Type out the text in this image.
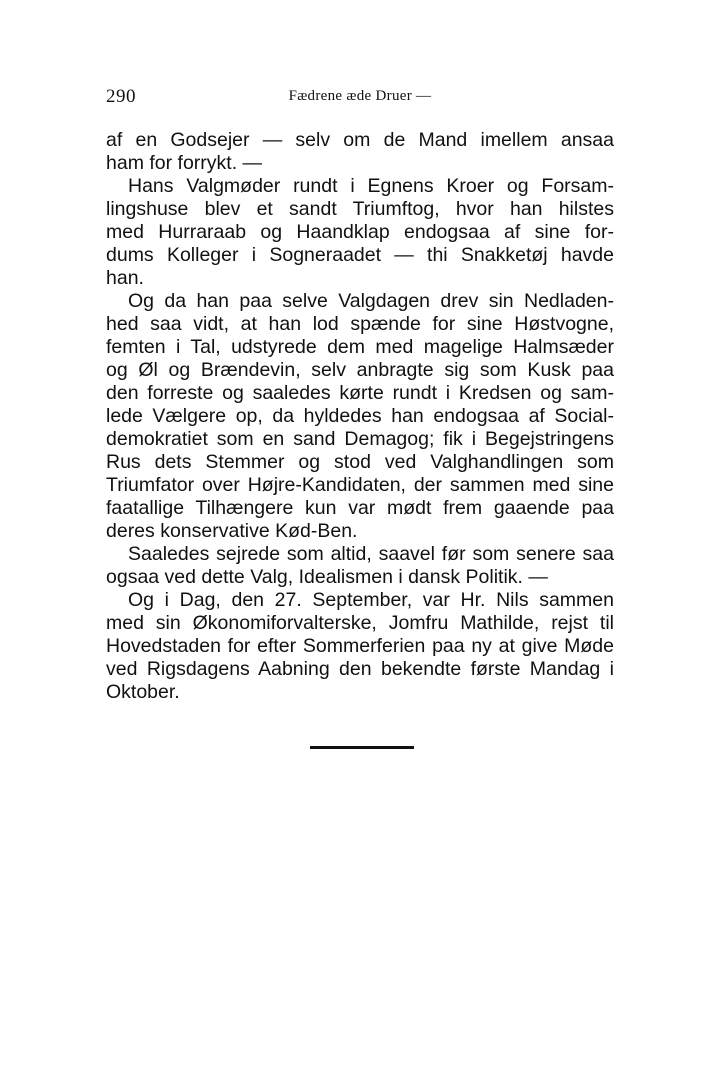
290	Fædrene æde Druer —
af en Godsejer — selv om de Mand imellem ansaa
ham for forrykt. —
Hans Valgmøder rundt i Egnens Kroer og Forsam-
lingshuse blev et sandt Triumftog, hvor han hilstes
med Hurraraab og Haandklap endogsaa af sine for-
dums Kolleger i Sogneraadet — thi Snakketøj havde
han.
Og da han paa selve Valgdagen drev sin Nedladen-
hed saa vidt, at han lod spænde for sine Høstvogne,
femten i Tal, udstyrede dem med magelige Halmsæder
og Øl og Brændevin, selv anbragte sig som Kusk paa
den forreste og saaledes kørte rundt i Kredsen og sam-
lede Vælgere op, da hyldedes han endogsaa af Social-
demokratiet som en sand Demagog; fik i Begejstringens
Rus dets Stemmer og stod ved Valghandlingen som
Triumfator over Højre-Kandidaten, der sammen med sine
faatallige Tilhængere kun var mødt frem gaaende paa
deres konservative Kød-Ben.
Saaledes sejrede som altid, saavel før som senere saa
ogsaa ved dette Valg, Idealismen i dansk Politik. —
Og i Dag, den 27. September, var Hr. Nils sammen
med sin Økonomiforvalterske, Jomfru Mathilde, rejst til
Hovedstaden for efter Sommerferien paa ny at give Møde
ved Rigsdagens Aabning den bekendte første Mandag i
Oktober.
